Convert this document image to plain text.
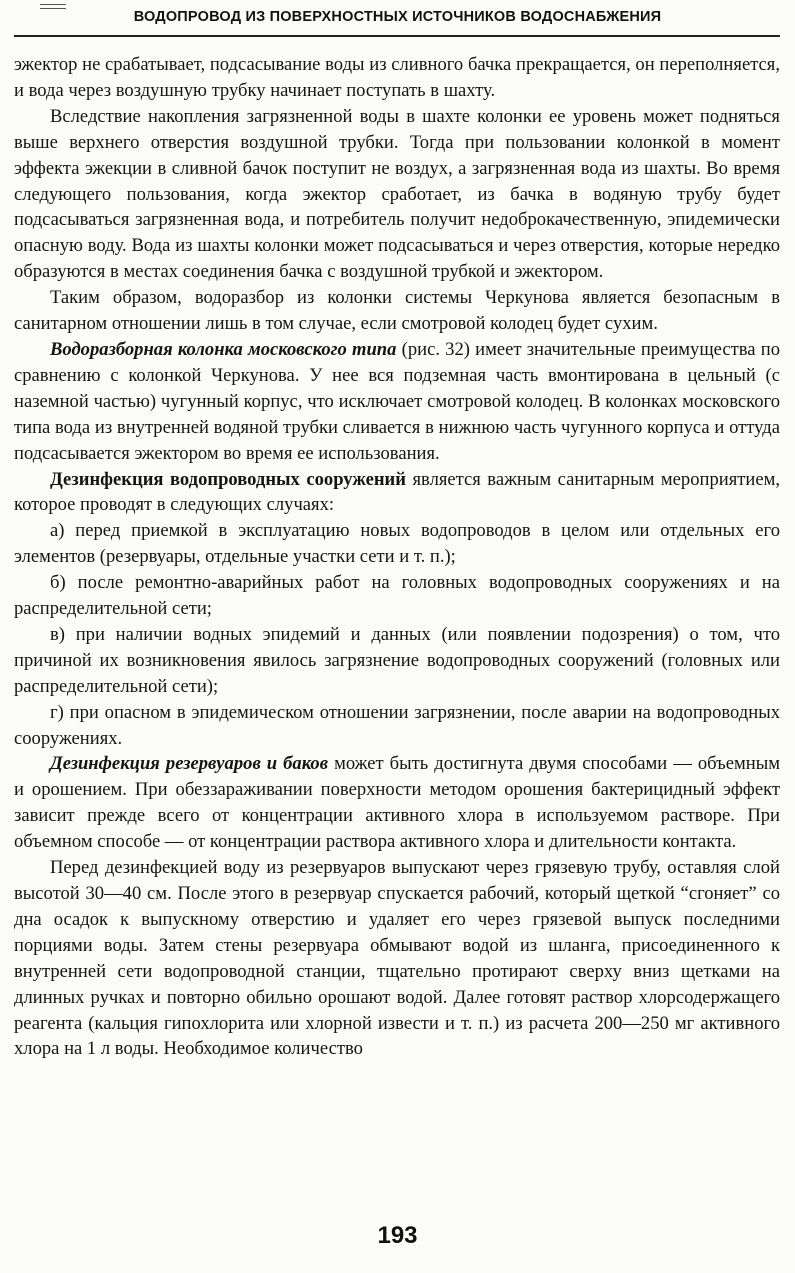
ВОДОПРОВОД ИЗ ПОВЕРХНОСТНЫХ ИСТОЧНИКОВ ВОДОСНАБЖЕНИЯ

эжектор не срабатывает, подсасывание воды из сливного бачка прекращается, он переполняется, и вода через воздушную трубку начинает поступать в шахту.

Вследствие накопления загрязненной воды в шахте колонки ее уровень может подняться выше верхнего отверстия воздушной трубки. Тогда при пользовании колонкой в момент эффекта эжекции в сливной бачок поступит не воздух, а загрязненная вода из шахты. Во время следующего пользования, когда эжектор сработает, из бачка в водяную трубу будет подсасываться загрязненная вода, и потребитель получит недоброкачественную, эпидемически опасную воду. Вода из шахты колонки может подсасываться и через отверстия, которые нередко образуются в местах соединения бачка с воздушной трубкой и эжектором.

Таким образом, водоразбор из колонки системы Черкунова является безопасным в санитарном отношении лишь в том случае, если смотровой колодец будет сухим.

Водоразборная колонка московского типа (рис. 32) имеет значительные преимущества по сравнению с колонкой Черкунова. У нее вся подземная часть вмонтирована в цельный (с наземной частью) чугунный корпус, что исключает смотровой колодец. В колонках московского типа вода из внутренней водяной трубки сливается в нижнюю часть чугунного корпуса и оттуда подсасывается эжектором во время ее использования.

Дезинфекция водопроводных сооружений является важным санитарным мероприятием, которое проводят в следующих случаях:

а) перед приемкой в эксплуатацию новых водопроводов в целом или отдельных его элементов (резервуары, отдельные участки сети и т. п.);

б) после ремонтно-аварийных работ на головных водопроводных сооружениях и на распределительной сети;

в) при наличии водных эпидемий и данных (или появлении подозрения) о том, что причиной их возникновения явилось загрязнение водопроводных сооружений (головных или распределительной сети);

г) при опасном в эпидемическом отношении загрязнении, после аварии на водопроводных сооружениях.

Дезинфекция резервуаров и баков может быть достигнута двумя способами — объемным и орошением. При обеззараживании поверхности методом орошения бактерицидный эффект зависит прежде всего от концентрации активного хлора в используемом растворе. При объемном способе — от концентрации раствора активного хлора и длительности контакта.

Перед дезинфекцией воду из резервуаров выпускают через грязевую трубу, оставляя слой высотой 30—40 см. После этого в резервуар спускается рабочий, который щеткой “сгоняет” со дна осадок к выпускному отверстию и удаляет его через грязевой выпуск последними порциями воды. Затем стены резервуара обмывают водой из шланга, присоединенного к внутренней сети водопроводной станции, тщательно протирают сверху вниз щетками на длинных ручках и повторно обильно орошают водой. Далее готовят раствор хлорсодержащего реагента (кальция гипохлорита или хлорной извести и т. п.) из расчета 200—250 мг активного хлора на 1 л воды. Необходимое количество

193
